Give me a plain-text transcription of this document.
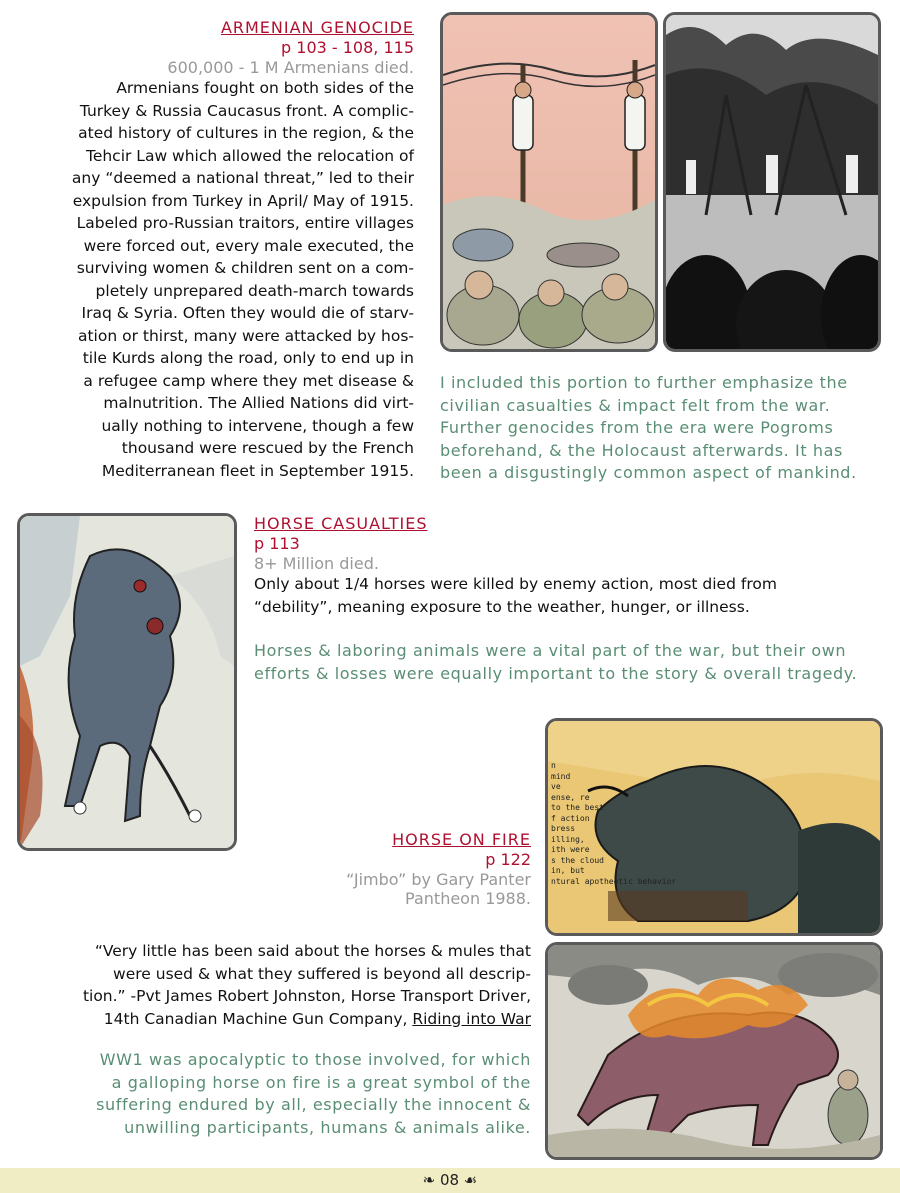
ARMENIAN GENOCIDE
p 103 - 108, 115
600,000 - 1 M Armenians died.
Armenians fought on both sides of the
Turkey & Russia Caucasus front. A complic-
ated history of cultures in the region, & the
Tehcir Law which allowed the relocation of
any “deemed a national threat,” led to their
expulsion from Turkey in April/ May of 1915.
Labeled pro-Russian traitors, entire villages
were forced out, every male executed, the
surviving women & children sent on a com-
pletely unprepared death-march towards
Iraq & Syria. Often they would die of starv-
ation or thirst, many were attacked by hos-
tile Kurds along the road, only to end up in
a refugee camp where they met disease &
malnutrition. The Allied Nations did virt-
ually nothing to intervene, though a few
thousand were rescued by the French
Mediterranean fleet in September 1915.
I included this portion to further emphasize the
civilian casualties & impact felt from the war.
Further genocides from the era were Pogroms
beforehand, & the Holocaust afterwards. It has
been a disgustingly common aspect of mankind.
HORSE CASUALTIES
p 113
8+ Million died.
Only about 1/4 horses were killed by enemy action, most died from
“debility”, meaning exposure to the weather, hunger, or illness.
Horses & laboring animals were a vital part of the war, but their own
efforts & losses were equally important to the story & overall tragedy.
n
mind
ve
ense, re
to the best
f action
bress
illing,
ith were
s the cloud
in, but
ntural apotheotic behavior
HORSE ON FIRE
p 122
“Jimbo” by Gary Panter
Pantheon 1988.
“Very little has been said about the horses & mules that
were used & what they suffered is beyond all descrip-
tion.” -Pvt James Robert Johnston, Horse Transport Driver,
14th Canadian Machine Gun Company, Riding into War
WW1 was apocalyptic to those involved, for which
a galloping horse on fire is a great symbol of the
suffering endured by all, especially the innocent &
unwilling participants, humans & animals alike.
❧ 08 ☙
